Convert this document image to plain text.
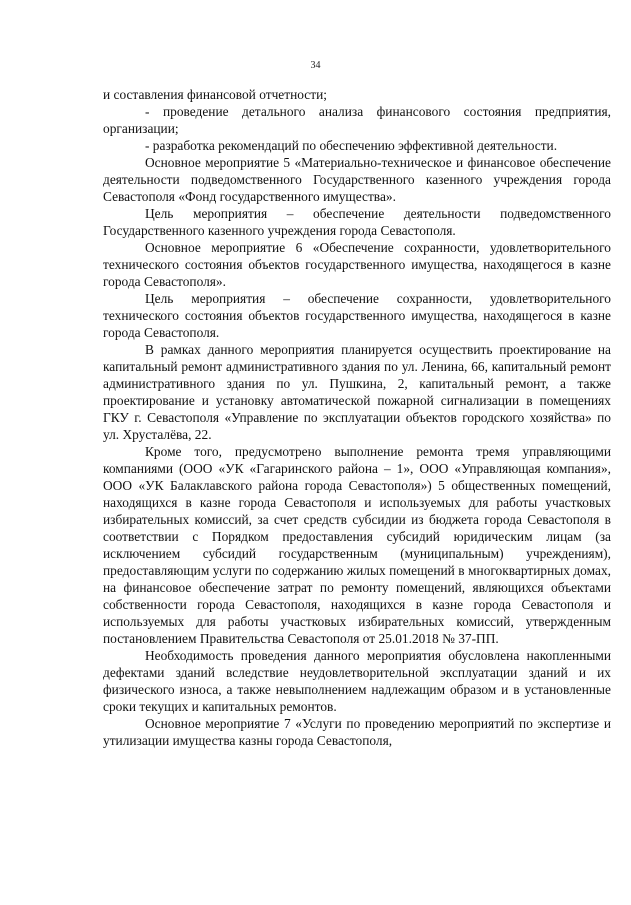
34

и составления финансовой отчетности;

- проведение детального анализа финансового состояния предприятия, организации;

- разработка рекомендаций по обеспечению эффективной деятельности.

Основное мероприятие 5 «Материально-техническое и финансовое обеспечение деятельности подведомственного Государственного казенного учреждения города Севастополя «Фонд государственного имущества».

Цель мероприятия – обеспечение деятельности подведомственного Государственного казенного учреждения города Севастополя.

Основное мероприятие 6 «Обеспечение сохранности, удовлетворительного технического состояния объектов государственного имущества, находящегося в казне города Севастополя».

Цель мероприятия – обеспечение сохранности, удовлетворительного технического состояния объектов государственного имущества, находящегося в казне города Севастополя.

В рамках данного мероприятия планируется осуществить проектирование на капитальный ремонт административного здания по ул. Ленина, 66, капитальный ремонт административного здания по ул. Пушкина, 2, капитальный ремонт, а также проектирование и установку автоматической пожарной сигнализации в помещениях ГКУ г. Севастополя «Управление по эксплуатации объектов городского хозяйства» по ул. Хрусталёва, 22.

Кроме того, предусмотрено выполнение ремонта тремя управляющими компаниями (ООО «УК «Гагаринского района – 1», ООО «Управляющая компания», ООО «УК Балаклавского района города Севастополя») 5 общественных помещений, находящихся в казне города Севастополя и используемых для работы участковых избирательных комиссий, за счет средств субсидии из бюджета города Севастополя в соответствии с Порядком предоставления субсидий юридическим лицам (за исключением субсидий государственным (муниципальным) учреждениям), предоставляющим услуги по содержанию жилых помещений в многоквартирных домах, на финансовое обеспечение затрат по ремонту помещений, являющихся объектами собственности города Севастополя, находящихся в казне города Севастополя и используемых для работы участковых избирательных комиссий, утвержденным постановлением Правительства Севастополя от 25.01.2018 № 37-ПП.

Необходимость проведения данного мероприятия обусловлена накопленными дефектами зданий вследствие неудовлетворительной эксплуатации зданий и их физического износа, а также невыполнением надлежащим образом и в установленные сроки текущих и капитальных ремонтов.

Основное мероприятие 7 «Услуги по проведению мероприятий по экспертизе и утилизации имущества казны города Севастополя,
